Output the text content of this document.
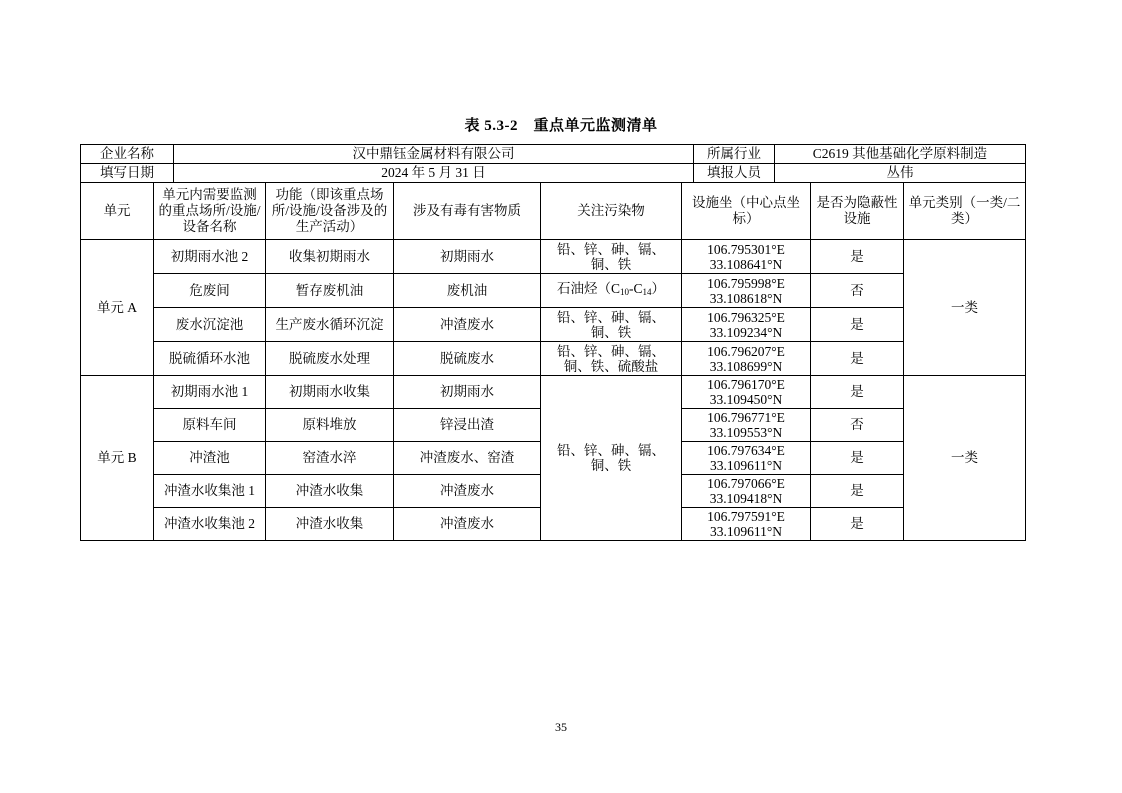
表 5.3-2　重点单元监测清单
企业名称	汉中鼎钰金属材料有限公司	所属行业	C2619 其他基础化学原料制造
填写日期	2024 年 5 月 31 日	填报人员	丛伟
单元	单元内需要监测的重点场所/设施/设备名称	功能（即该重点场所/设施/设备涉及的生产活动）	涉及有毒有害物质	关注污染物	设施坐（中心点坐标）	是否为隐蔽性设施	单元类别（一类/二类）
单元 A	初期雨水池 2	收集初期雨水	初期雨水	铅、锌、砷、镉、铜、铁	106.795301°E
33.108641°N	是	一类
	危废间	暂存废机油	废机油	石油烃$(C_{10}-C_{14})$	106.795998°E
33.108618°N	否	
	废水沉淀池	生产废水循环沉淀	冲渣废水	铅、锌、砷、镉、铜、铁	106.796325°E
33.109234°N	是	
	脱硫循环水池	脱硫废水处理	脱硫废水	铅、锌、砷、镉、铜、铁、硫酸盐	106.796207°E
33.108699°N	是	
单元 B	初期雨水池 1	初期雨水收集	初期雨水	铅、锌、砷、镉、铜、铁	106.796170°E
33.109450°N	是	一类
	原料车间	原料堆放	锌浸出渣		106.796771°E
33.109553°N	否	
	冲渣池	窑渣水淬	冲渣废水、窑渣		106.797634°E
33.109611°N	是	
	冲渣水收集池 1	冲渣水收集	冲渣废水		106.797066°E
33.109418°N	是	
	冲渣水收集池 2	冲渣水收集	冲渣废水		106.797591°E
33.109611°N	是	
35
